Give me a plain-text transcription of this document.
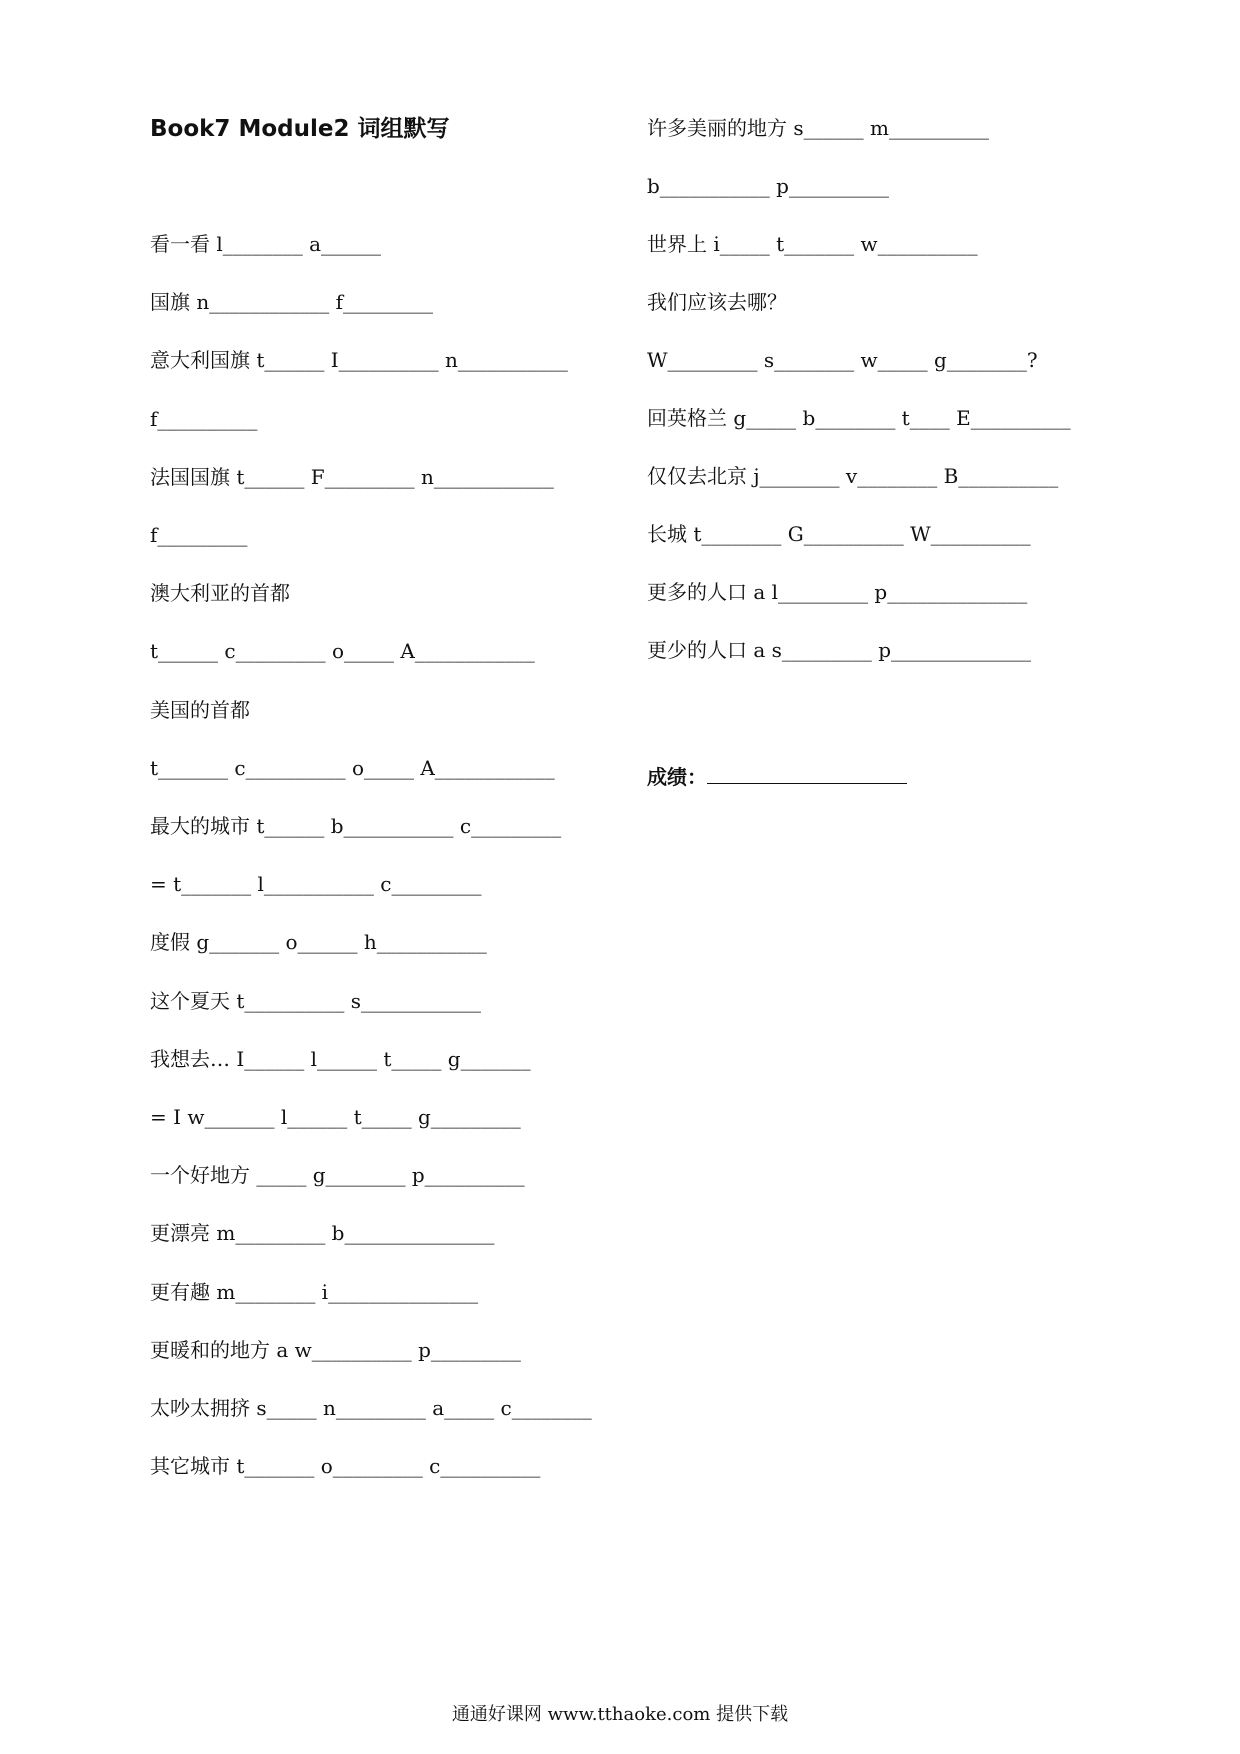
Book7 Module2 词组默写
看一看 l________ a______
国旗 n____________ f_________
意大利国旗 t______ I__________ n___________
f__________
法国国旗 t______ F_________ n____________
f_________
澳大利亚的首都
t______ c_________ o_____ A____________
美国的首都
t_______ c__________ o_____ A____________
最大的城市 t______ b___________ c_________
= t_______ l___________ c_________
度假 g_______ o______ h___________
这个夏天 t__________ s____________
我想去… I______ l______ t_____ g_______
= I w_______ l______ t_____ g_________
一个好地方 _____ g________ p__________
更漂亮 m_________ b_______________
更有趣 m________ i_______________
更暖和的地方 a w__________ p_________
太吵太拥挤 s_____ n_________ a_____ c________
其它城市 t_______ o_________ c__________
许多美丽的地方 s______ m__________
b___________ p__________
世界上 i_____ t_______ w__________
我们应该去哪？
W_________ s________ w_____ g________?
回英格兰 g_____ b________ t____ E__________
仅仅去北京 j________ v________ B__________
长城 t________ G__________ W__________
更多的人口 a l_________ p______________
更少的人口 a s_________ p______________
成绩：
通通好课网 www.tthaoke.com 提供下载
